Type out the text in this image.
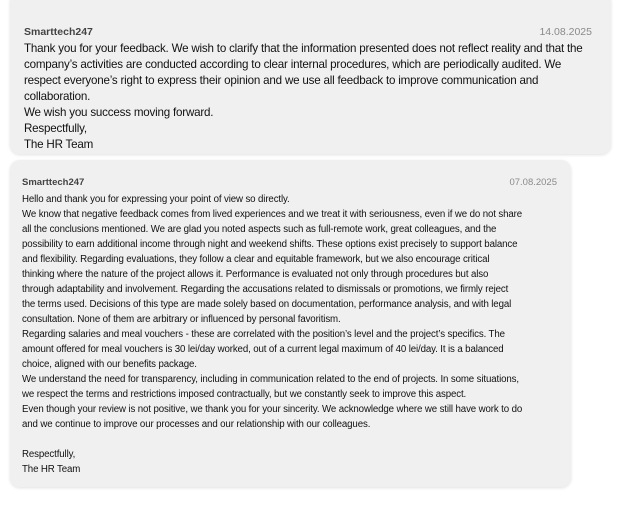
Smarttech247	14.08.2025
Thank you for your feedback. We wish to clarify that the information presented does not reflect reality and that the
company’s activities are conducted according to clear internal procedures, which are periodically audited. We
respect everyone’s right to express their opinion and we use all feedback to improve communication and
collaboration.
We wish you success moving forward.
Respectfully,
The HR Team
Smarttech247	07.08.2025
Hello and thank you for expressing your point of view so directly.
We know that negative feedback comes from lived experiences and we treat it with seriousness, even if we do not share
all the conclusions mentioned. We are glad you noted aspects such as full-remote work, great colleagues, and the
possibility to earn additional income through night and weekend shifts. These options exist precisely to support balance
and flexibility. Regarding evaluations, they follow a clear and equitable framework, but we also encourage critical
thinking where the nature of the project allows it. Performance is evaluated not only through procedures but also
through adaptability and involvement. Regarding the accusations related to dismissals or promotions, we firmly reject
the terms used. Decisions of this type are made solely based on documentation, performance analysis, and with legal
consultation. None of them are arbitrary or influenced by personal favoritism.
Regarding salaries and meal vouchers - these are correlated with the position’s level and the project’s specifics. The
amount offered for meal vouchers is 30 lei/day worked, out of a current legal maximum of 40 lei/day. It is a balanced
choice, aligned with our benefits package.
We understand the need for transparency, including in communication related to the end of projects. In some situations,
we respect the terms and restrictions imposed contractually, but we constantly seek to improve this aspect.
Even though your review is not positive, we thank you for your sincerity. We acknowledge where we still have work to do
and we continue to improve our processes and our relationship with our colleagues.
Respectfully,
The HR Team
